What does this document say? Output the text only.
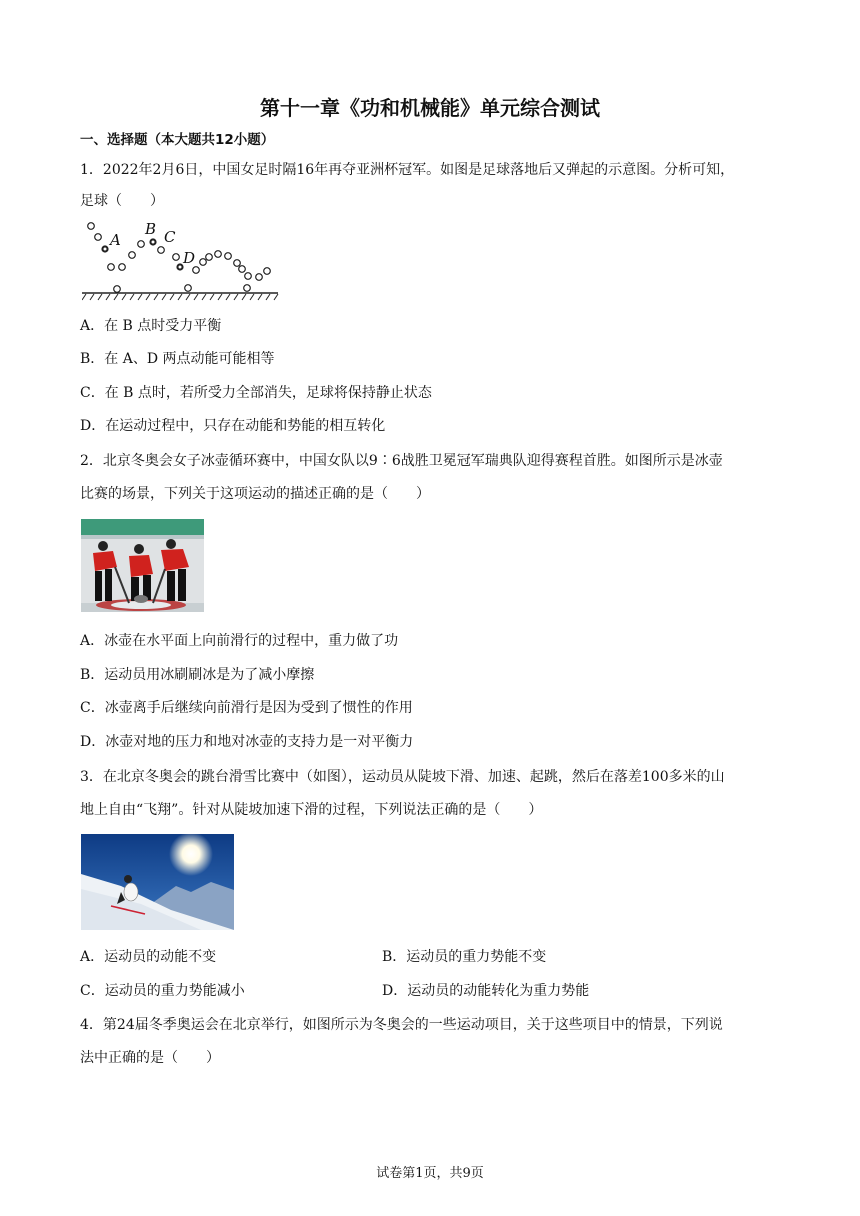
第十一章《功和机械能》单元综合测试
一、选择题（本大题共12小题）
1．2022年2月6日，中国女足时隔16年再夺亚洲杯冠军。如图是足球落地后又弹起的示意图。分析可知，
足球（　　）
A
B C
D
A．在 B 点时受力平衡
B．在 A、D 两点动能可能相等
C．在 B 点时，若所受力全部消失，足球将保持静止状态
D．在运动过程中，只存在动能和势能的相互转化
2．北京冬奥会女子冰壶循环赛中，中国女队以9∶6战胜卫冕冠军瑞典队迎得赛程首胜。如图所示是冰壶
比赛的场景，下列关于这项运动的描述正确的是（　　）
A．冰壶在水平面上向前滑行的过程中，重力做了功
B．运动员用冰刷刷冰是为了减小摩擦
C．冰壶离手后继续向前滑行是因为受到了惯性的作用
D．冰壶对地的压力和地对冰壶的支持力是一对平衡力
3．在北京冬奥会的跳台滑雪比赛中（如图），运动员从陡坡下滑、加速、起跳，然后在落差100多米的山
地上自由“飞翔”。针对从陡坡加速下滑的过程，下列说法正确的是（　　）
A．运动员的动能不变	B．运动员的重力势能不变
C．运动员的重力势能减小	D．运动员的动能转化为重力势能
4．第24届冬季奥运会在北京举行，如图所示为冬奥会的一些运动项目，关于这些项目中的情景，下列说
法中正确的是（　　）
试卷第1页，共9页
